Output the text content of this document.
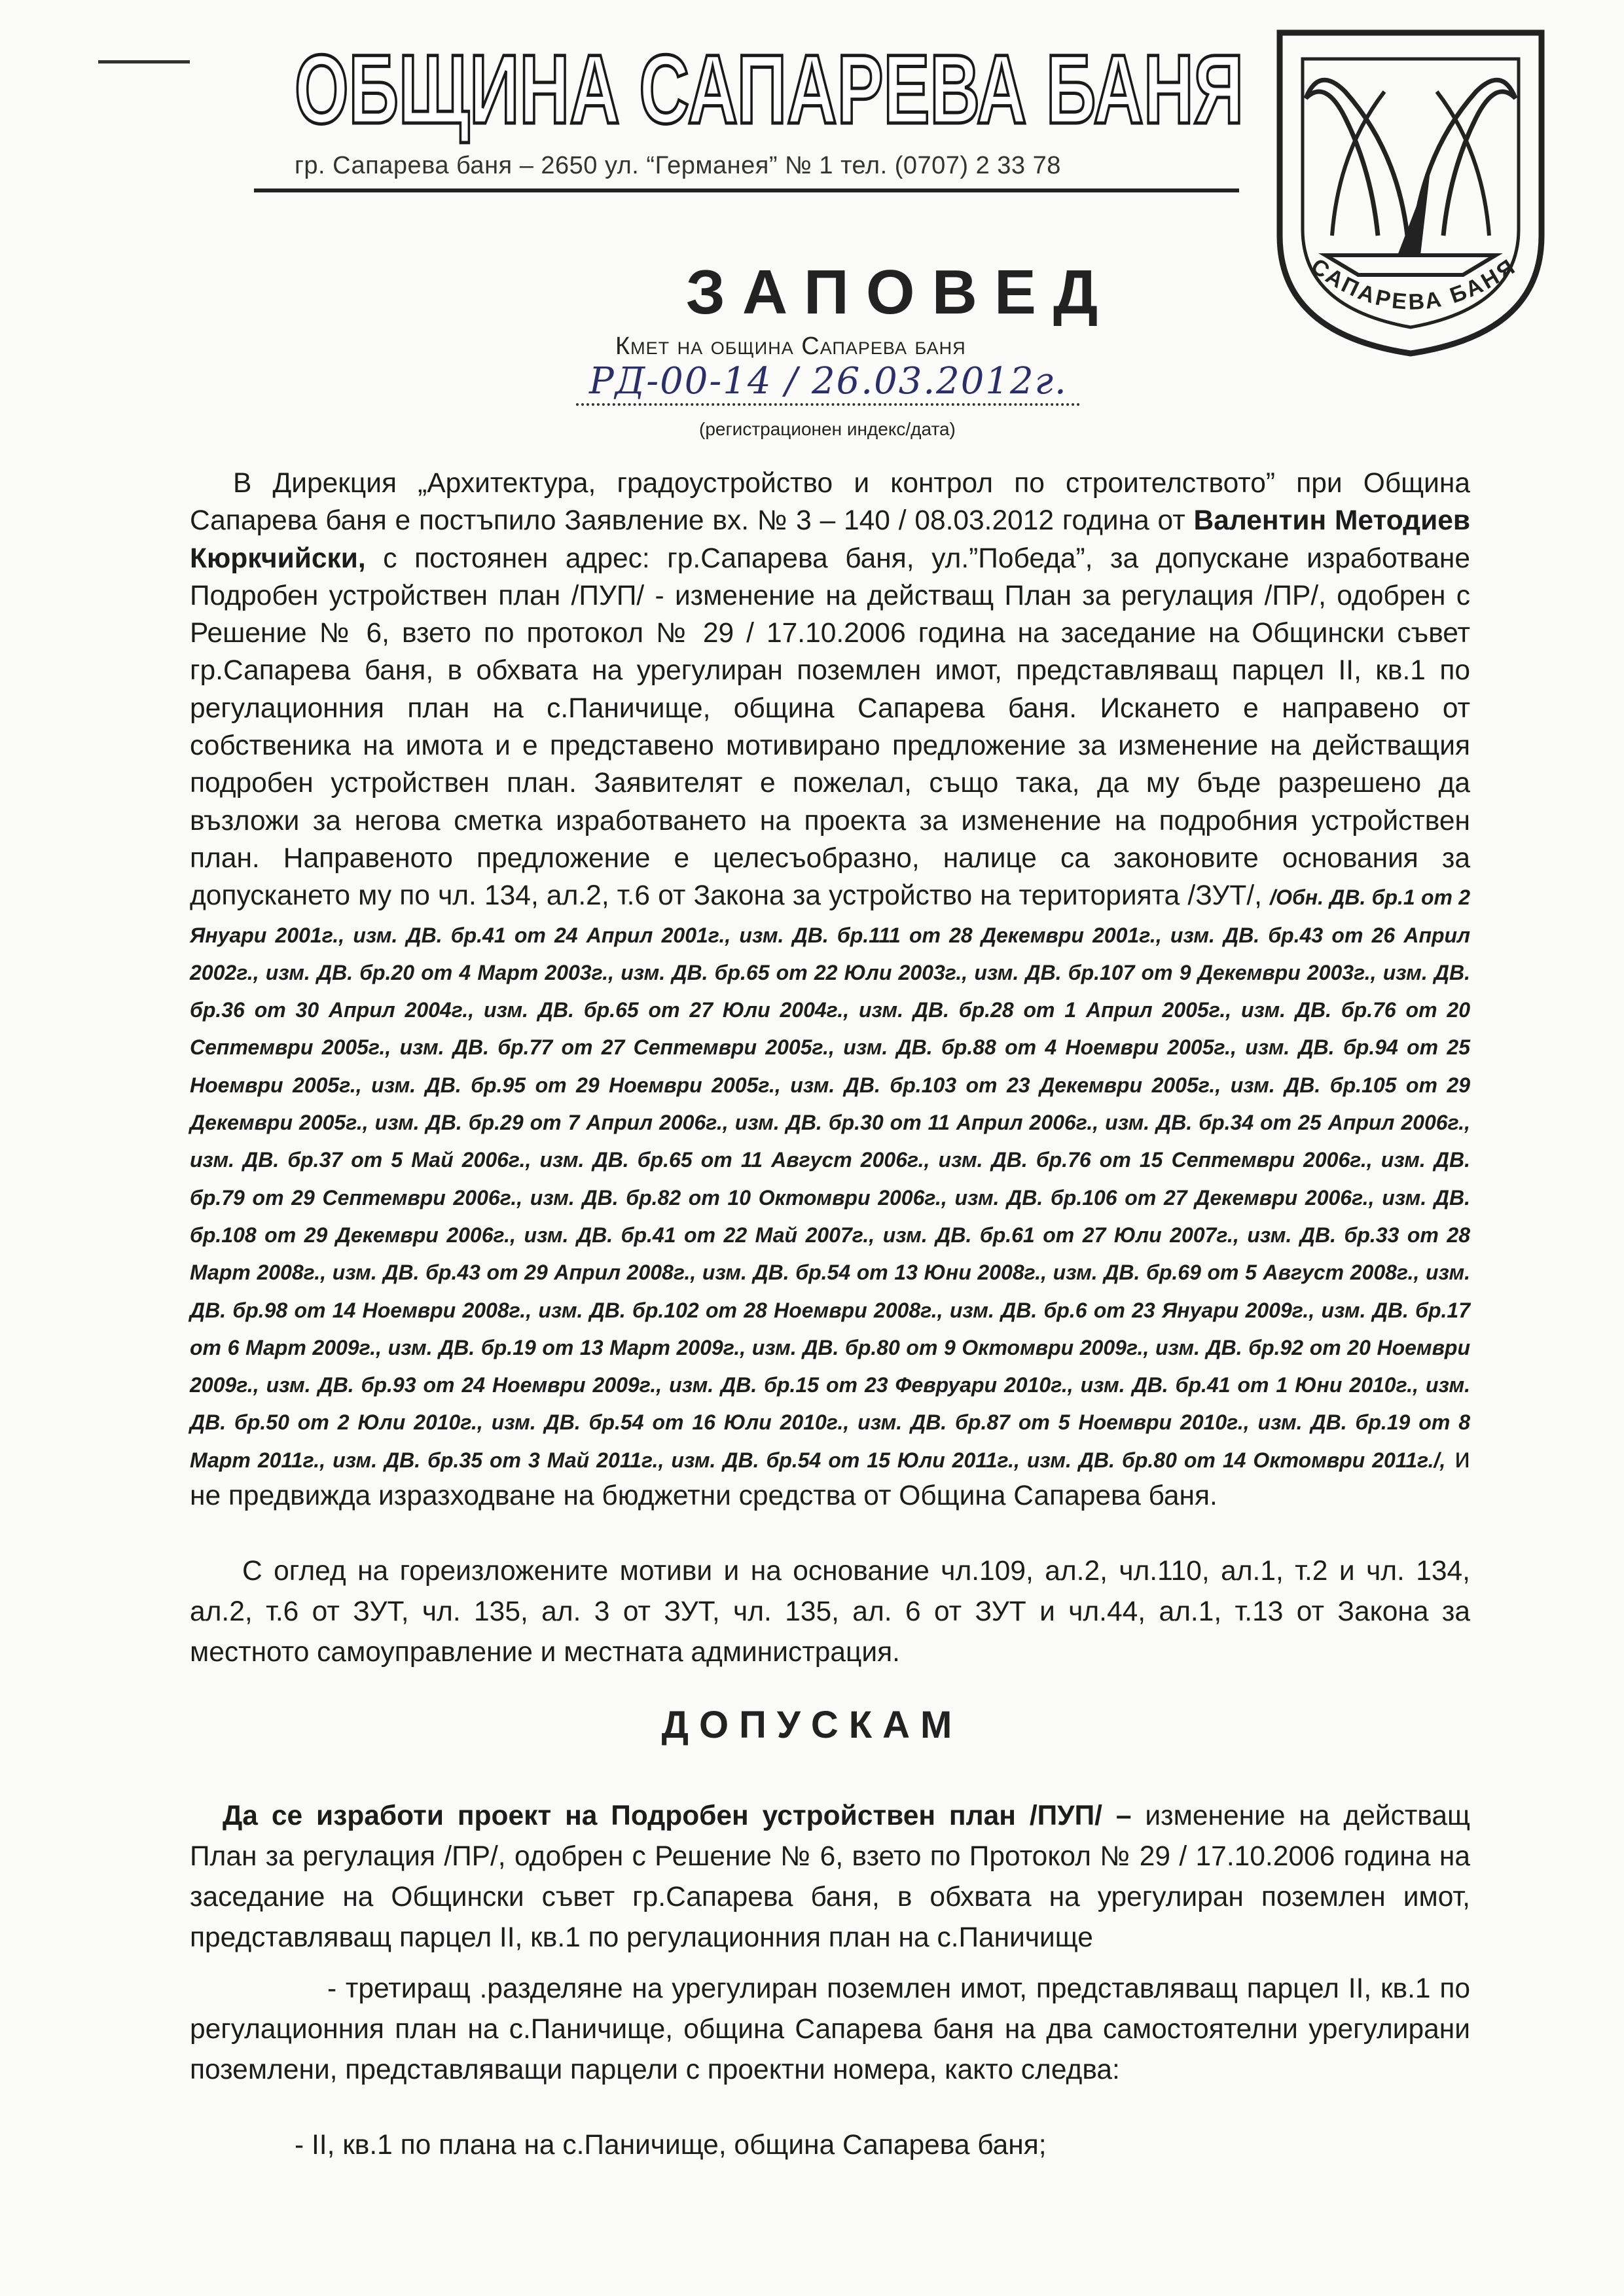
ОБЩИНА САПАРЕВА БАНЯ
гр. Сапарева баня – 2650 ул. “Германея” № 1 тел. (0707) 2 33 78
САПАРЕВА БАНЯ
ЗАПОВЕД
Кмет на община Сапарева баня
РД-00-14 / 26.03.2012г.
(регистрационен индекс/дата)
В Дирекция „Архитектура, градоустройство и контрол по строителството” при Община Сапарева баня е постъпило Заявление вх. № 3 – 140 / 08.03.2012 година от Валентин Методиев Кюркчийски, с постоянен адрес: гр.Сапарева баня, ул.”Победа”, за допускане изработване Подробен устройствен план /ПУП/ - изменение на действащ План за регулация /ПР/, одобрен с Решение № 6, взето по протокол № 29 / 17.10.2006 година на заседание на Общински съвет гр.Сапарева баня, в обхвата на урегулиран поземлен имот, представляващ парцел II, кв.1 по регулационния план на с.Паничище, община Сапарева баня. Искането е направено от собственика на имота и е представено мотивирано предложение за изменение на действащия подробен устройствен план. Заявителят е пожелал, също така, да му бъде разрешено да възложи за негова сметка изработването на проекта за изменение на подробния устройствен план. Направеното предложение е целесъобразно, налице са законовите основания за допускането му по чл. 134, ал.2, т.6 от Закона за устройство на територията /ЗУТ/, /Обн. ДВ. бр.1 от 2 Януари 2001г., изм. ДВ. бр.41 от 24 Април 2001г., изм. ДВ. бр.111 от 28 Декември 2001г., изм. ДВ. бр.43 от 26 Април 2002г., изм. ДВ. бр.20 от 4 Март 2003г., изм. ДВ. бр.65 от 22 Юли 2003г., изм. ДВ. бр.107 от 9 Декември 2003г., изм. ДВ. бр.36 от 30 Април 2004г., изм. ДВ. бр.65 от 27 Юли 2004г., изм. ДВ. бр.28 от 1 Април 2005г., изм. ДВ. бр.76 от 20 Септември 2005г., изм. ДВ. бр.77 от 27 Септември 2005г., изм. ДВ. бр.88 от 4 Ноември 2005г., изм. ДВ. бр.94 от 25 Ноември 2005г., изм. ДВ. бр.95 от 29 Ноември 2005г., изм. ДВ. бр.103 от 23 Декември 2005г., изм. ДВ. бр.105 от 29 Декември 2005г., изм. ДВ. бр.29 от 7 Април 2006г., изм. ДВ. бр.30 от 11 Април 2006г., изм. ДВ. бр.34 от 25 Април 2006г., изм. ДВ. бр.37 от 5 Май 2006г., изм. ДВ. бр.65 от 11 Август 2006г., изм. ДВ. бр.76 от 15 Септември 2006г., изм. ДВ. бр.79 от 29 Септември 2006г., изм. ДВ. бр.82 от 10 Октомври 2006г., изм. ДВ. бр.106 от 27 Декември 2006г., изм. ДВ. бр.108 от 29 Декември 2006г., изм. ДВ. бр.41 от 22 Май 2007г., изм. ДВ. бр.61 от 27 Юли 2007г., изм. ДВ. бр.33 от 28 Март 2008г., изм. ДВ. бр.43 от 29 Април 2008г., изм. ДВ. бр.54 от 13 Юни 2008г., изм. ДВ. бр.69 от 5 Август 2008г., изм. ДВ. бр.98 от 14 Ноември 2008г., изм. ДВ. бр.102 от 28 Ноември 2008г., изм. ДВ. бр.6 от 23 Януари 2009г., изм. ДВ. бр.17 от 6 Март 2009г., изм. ДВ. бр.19 от 13 Март 2009г., изм. ДВ. бр.80 от 9 Октомври 2009г., изм. ДВ. бр.92 от 20 Ноември 2009г., изм. ДВ. бр.93 от 24 Ноември 2009г., изм. ДВ. бр.15 от 23 Февруари 2010г., изм. ДВ. бр.41 от 1 Юни 2010г., изм. ДВ. бр.50 от 2 Юли 2010г., изм. ДВ. бр.54 от 16 Юли 2010г., изм. ДВ. бр.87 от 5 Ноември 2010г., изм. ДВ. бр.19 от 8 Март 2011г., изм. ДВ. бр.35 от 3 Май 2011г., изм. ДВ. бр.54 от 15 Юли 2011г., изм. ДВ. бр.80 от 14 Октомври 2011г./, и не предвижда изразходване на бюджетни средства от Община Сапарева баня.
С оглед на гореизложените мотиви и на основание чл.109, ал.2, чл.110, ал.1, т.2 и чл. 134, ал.2, т.6 от ЗУТ, чл. 135, ал. 3 от ЗУТ, чл. 135, ал. 6 от ЗУТ и чл.44, ал.1, т.13 от Закона за местното самоуправление и местната администрация.
ДОПУСКАМ
Да се изработи проект на Подробен устройствен план /ПУП/ – изменение на действащ План за регулация /ПР/, одобрен с Решение № 6, взето по Протокол № 29 / 17.10.2006 година на заседание на Общински съвет гр.Сапарева баня, в обхвата на урегулиран поземлен имот, представляващ парцел II, кв.1 по регулационния план на с.Паничище
- третиращ .разделяне на урегулиран поземлен имот, представляващ парцел II, кв.1 по регулационния план на с.Паничище, община Сапарева баня на два самостоятелни урегулирани поземлени, представляващи парцели с проектни номера, както следва:
- II, кв.1 по плана на с.Паничище, община Сапарева баня;
